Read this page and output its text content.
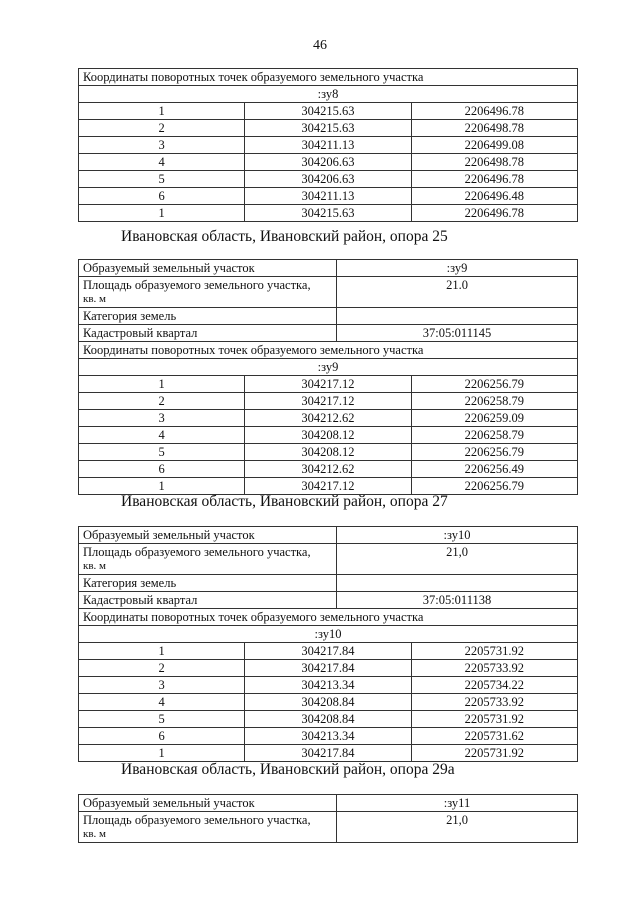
46
Координаты поворотных точек образуемого земельного участка		
:зу8		
1	304215.63	2206496.78
2	304215.63	2206498.78
3	304211.13	2206499.08
4	304206.63	2206498.78
5	304206.63	2206496.78
6	304211.13	2206496.48
1	304215.63	2206496.78
Ивановская область, Ивановский район, опора 25
Образуемый земельный участок	:зу9

Площадь образуемого земельного участка,
кв. м	21.0
Категория земель	
Кадастровый квартал	37:05:011145
Координаты поворотных точек образуемого земельного участка		
:зу9		
1	304217.12	2206256.79
2	304217.12	2206258.79
3	304212.62	2206259.09
4	304208.12	2206258.79
5	304208.12	2206256.79
6	304212.62	2206256.49
1	304217.12	2206256.79
Ивановская область, Ивановский район, опора 27
Образуемый земельный участок	:зу10

Площадь образуемого земельного участка,
кв. м	21,0
Категория земель	
Кадастровый квартал	37:05:011138
Координаты поворотных точек образуемого земельного участка		
:зу10		
1	304217.84	2205731.92
2	304217.84	2205733.92
3	304213.34	2205734.22
4	304208.84	2205733.92
5	304208.84	2205731.92
6	304213.34	2205731.62
1	304217.84	2205731.92
Ивановская область, Ивановский район, опора 29а
Образуемый земельный участок	:зу11

Площадь образуемого земельного участка,
кв. м	21,0
